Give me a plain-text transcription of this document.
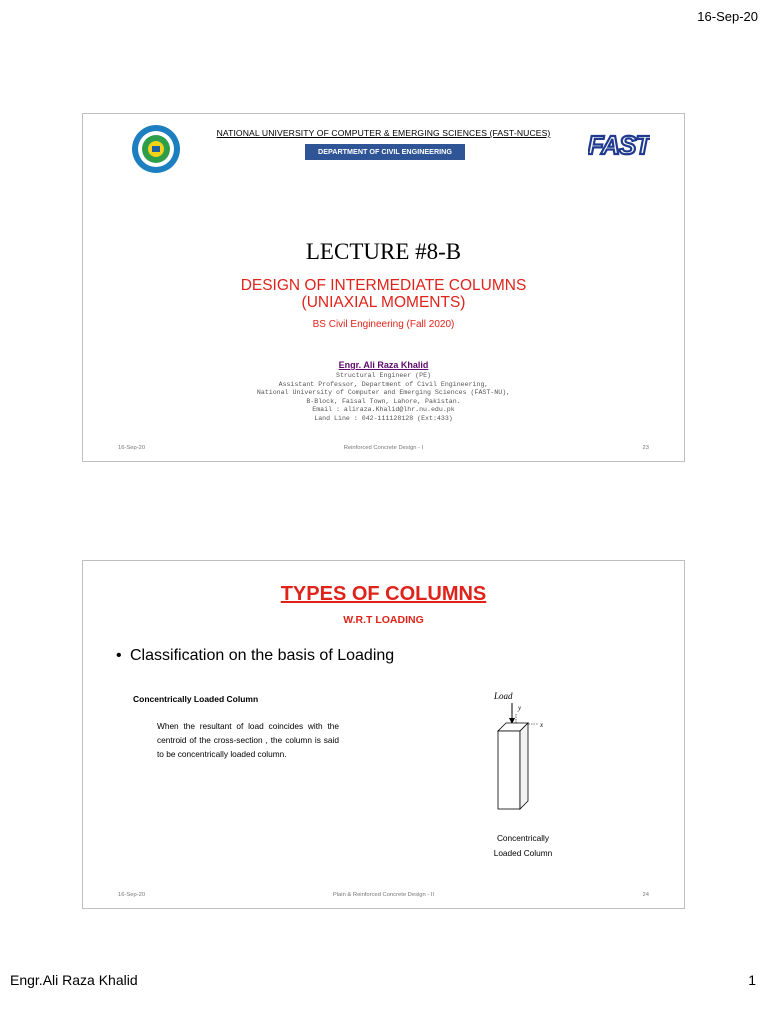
16-Sep-20
NATIONAL UNIVERSITY OF COMPUTER & EMERGING SCIENCES (FAST-NUCES)
DEPARTMENT OF CIVIL ENGINEERING	FAST
LECTURE #8-B
DESIGN OF INTERMEDIATE COLUMNS
(UNIAXIAL MOMENTS)
BS Civil Engineering (Fall 2020)
Engr. Ali Raza Khalid
Structural Engineer (PE)
Assistant Professor, Department of Civil Engineering,
National University of Computer and Emerging Sciences (FAST-NU),
B-Block, Faisal Town, Lahore, Pakistan.
Email : aliraza.Khalid@lhr.nu.edu.pk
Land Line : 042-111128128 (Ext:433)
16-Sep-20	Reinforced Concrete Design - I	23
TYPES OF COLUMNS
W.R.T LOADING
• Classification on the basis of Loading
Concentrically Loaded Column
When the resultant of load coincides with the centroid of the cross-section , the column is said to be concentrically loaded column.
Load
y
x
Concentrically
Loaded Column
16-Sep-20	Plain & Reinforced Concrete Design - II	24
Engr.Ali Raza Khalid	1
